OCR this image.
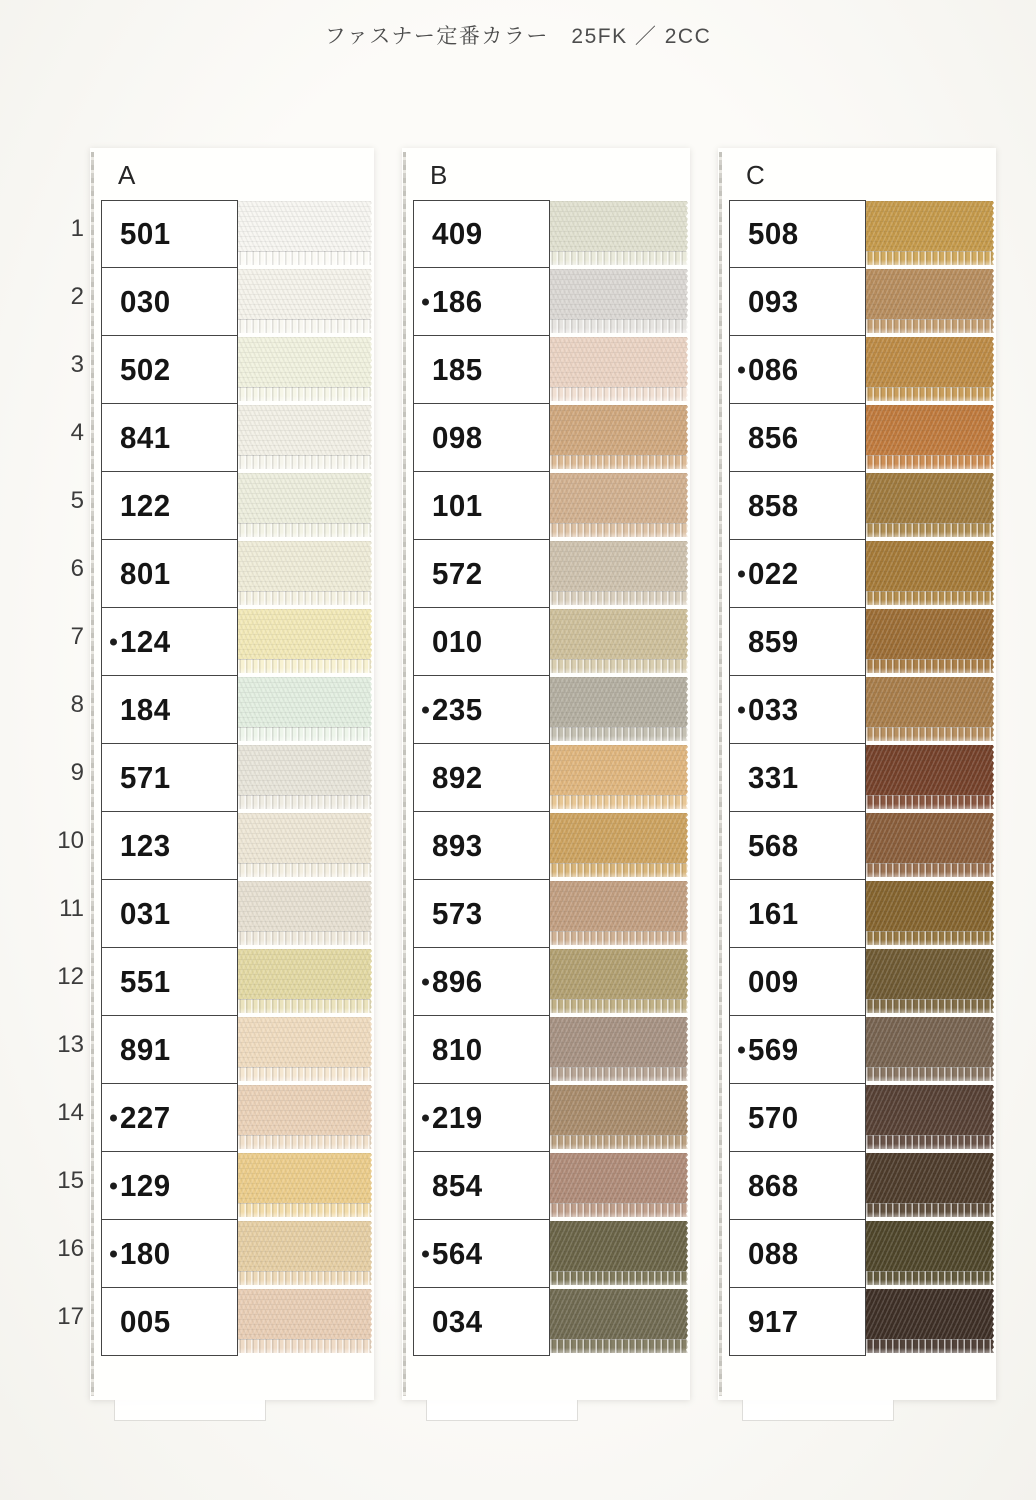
ファスナー定番カラー　25FK ／ 2CC
1
2
3
4
5
6
7
8
9
10
11
12
13
14
15
16
17
A
501
030
502
841
122
801
124
184
571
123
031
551
891
227
129
180
005
B
409
186
185
098
101
572
010
235
892
893
573
896
810
219
854
564
034
C
508
093
086
856
858
022
859
033
331
568
161
009
569
570
868
088
917
